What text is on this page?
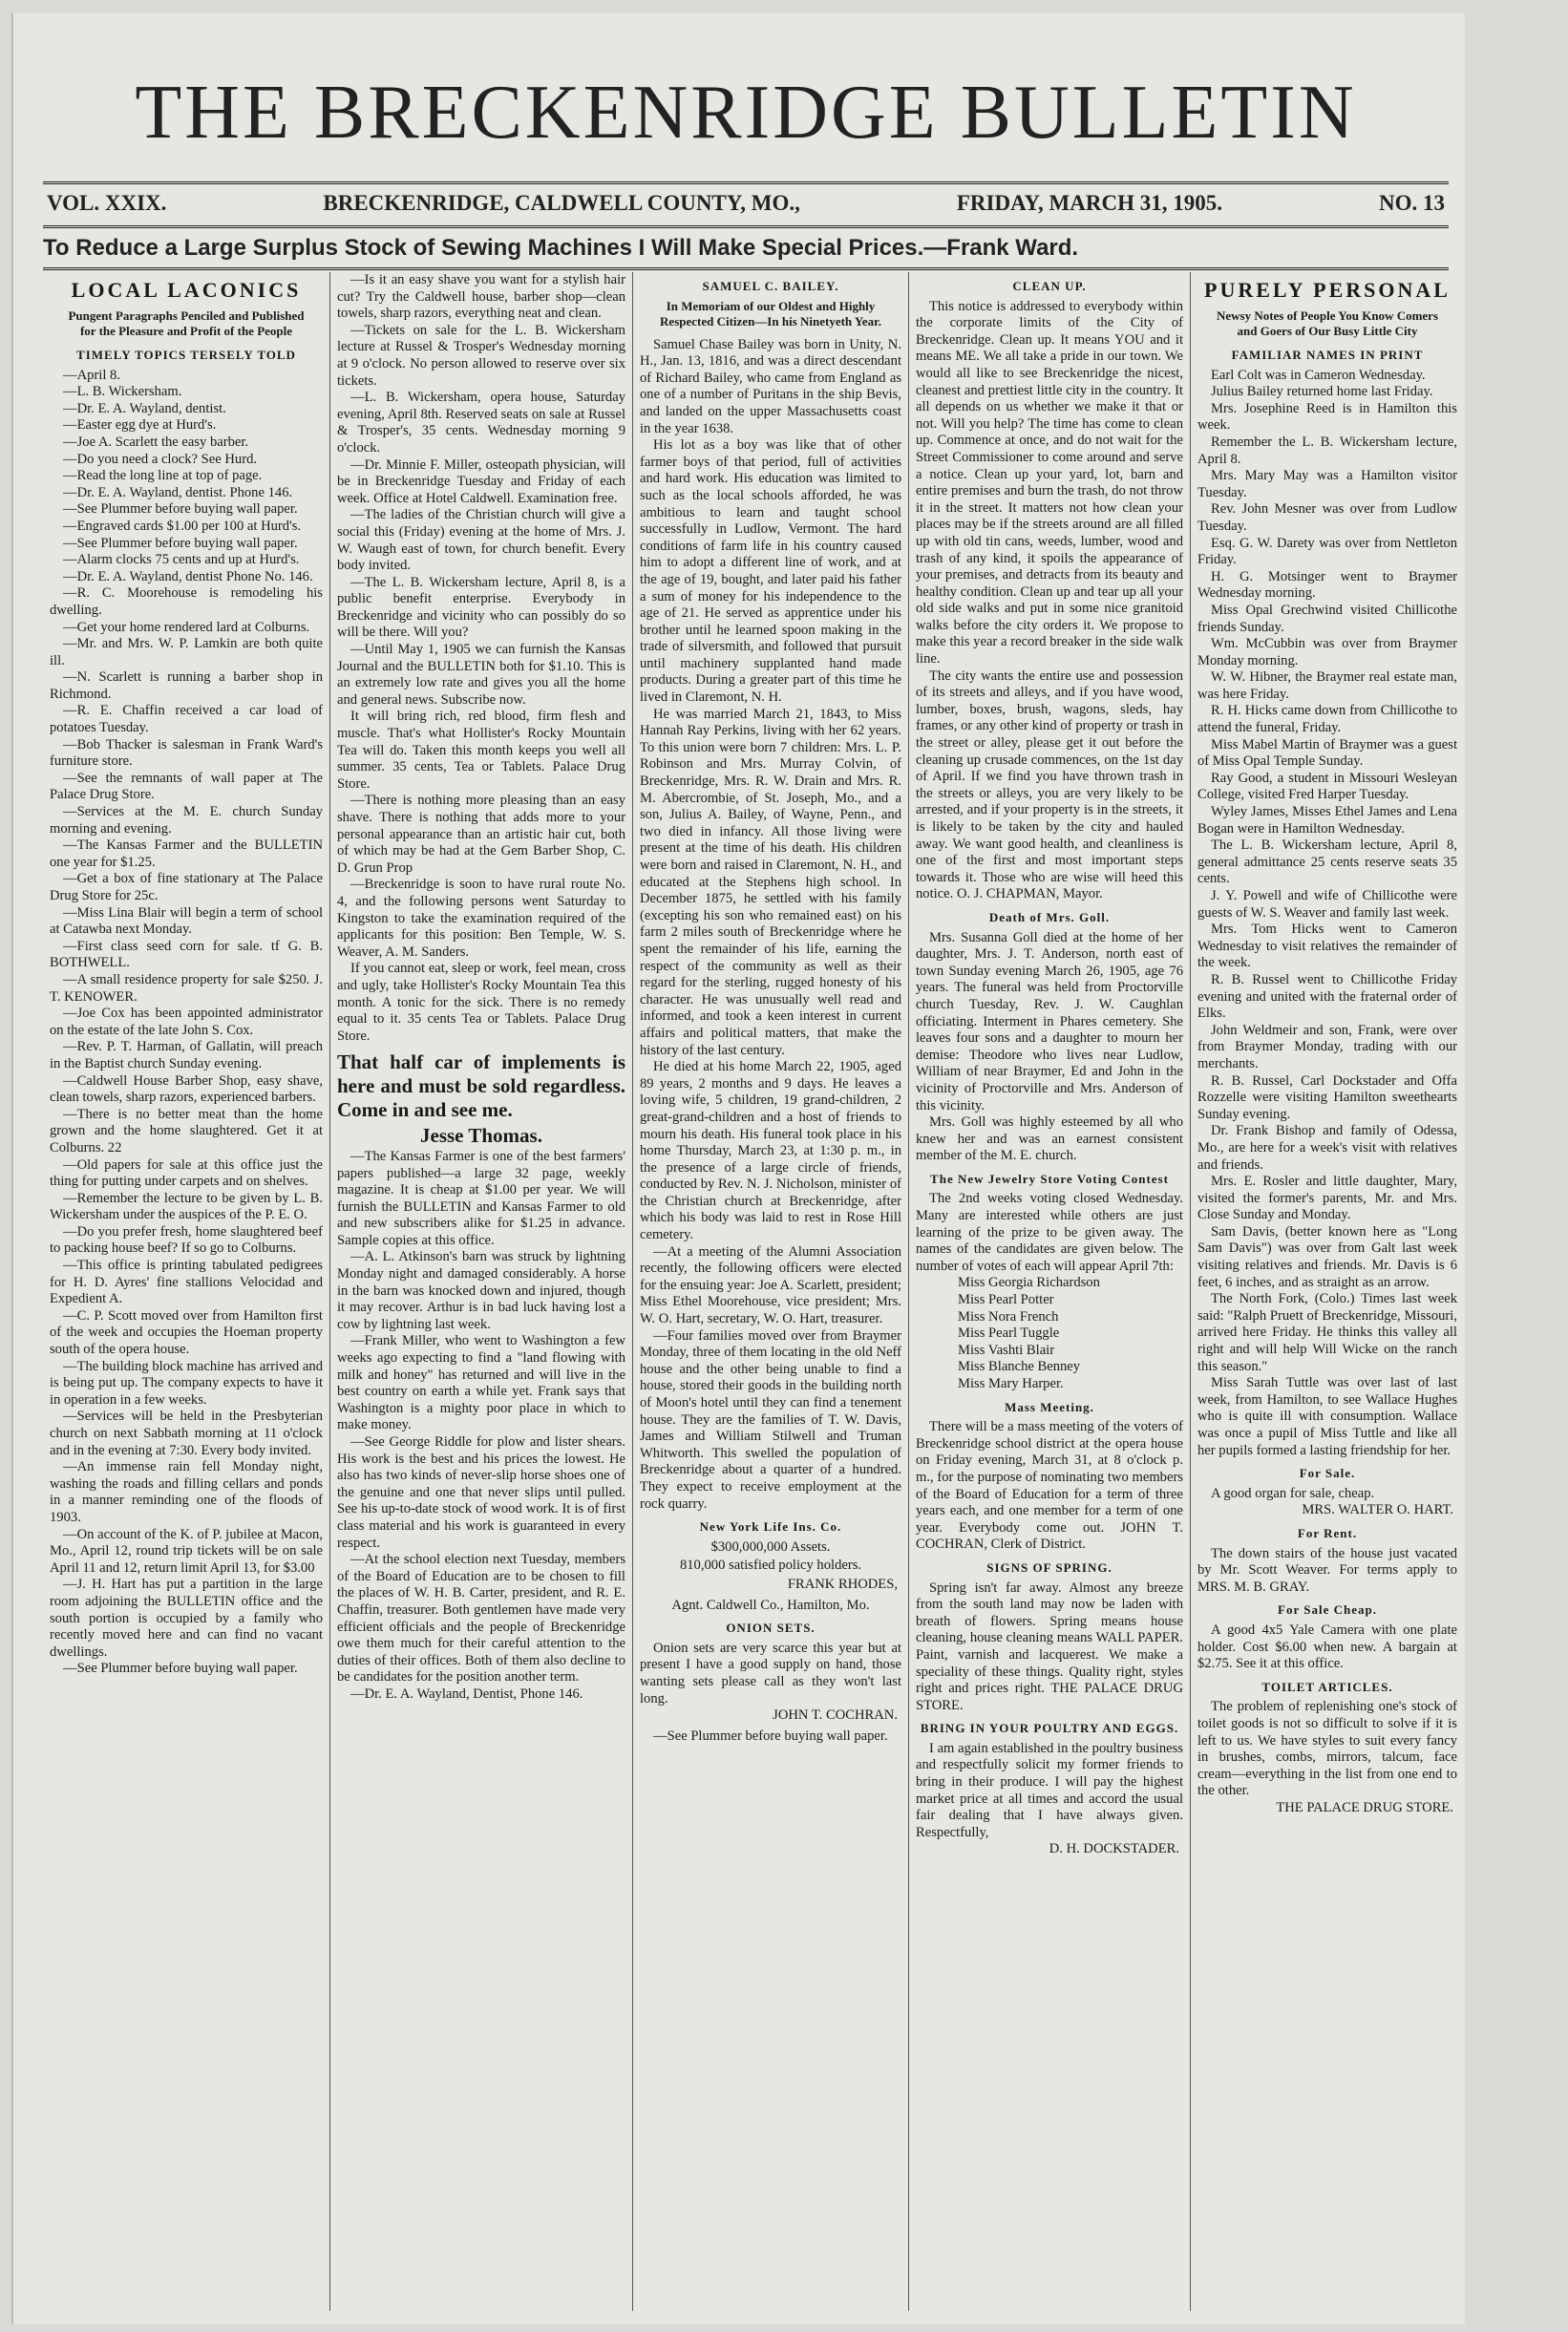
THE BRECKENRIDGE BULLETIN
VOL. XXIX.	BRECKENRIDGE, CALDWELL COUNTY, MO.,	FRIDAY, MARCH 31, 1905.	NO. 13
To Reduce a Large Surplus Stock of Sewing Machines I Will Make Special Prices.—Frank Ward.
LOCAL LACONICS
Pungent Paragraphs Penciled and Published for the Pleasure and Profit of the People
TIMELY TOPICS TERSELY TOLD
—April 8.
—L. B. Wickersham.
—Dr. E. A. Wayland, dentist.
—Easter egg dye at Hurd's.
—Joe A. Scarlett the easy barber.
—Do you need a clock? See Hurd.
—Read the long line at top of page.
—Dr. E. A. Wayland, dentist. Phone 146.
—See Plummer before buying wall paper.
—Engraved cards $1.00 per 100 at Hurd's.
—See Plummer before buying wall paper.
—Alarm clocks 75 cents and up at Hurd's.
—Dr. E. A. Wayland, dentist Phone No. 146.
—R. C. Moorehouse is remodeling his dwelling.
—Get your home rendered lard at Colburns.
—Mr. and Mrs. W. P. Lamkin are both quite ill.
—N. Scarlett is running a barber shop in Richmond.
—R. E. Chaffin received a car load of potatoes Tuesday.
—Bob Thacker is salesman in Frank Ward's furniture store.
—See the remnants of wall paper at The Palace Drug Store.
—Services at the M. E. church Sunday morning and evening.
—The Kansas Farmer and the BULLETIN one year for $1.25.
—Get a box of fine stationary at The Palace Drug Store for 25c.
—Miss Lina Blair will begin a term of school at Catawba next Monday.
—First class seed corn for sale. tf G. B. BOTHWELL.
—A small residence property for sale $250. J. T. KENOWER.
—Joe Cox has been appointed administrator on the estate of the late John S. Cox.
—Rev. P. T. Harman, of Gallatin, will preach in the Baptist church Sunday evening.
—Caldwell House Barber Shop, easy shave, clean towels, sharp razors, experienced barbers.
—There is no better meat than the home grown and the home slaughtered. Get it at Colburns. 22
—Old papers for sale at this office just the thing for putting under carpets and on shelves.
—Remember the lecture to be given by L. B. Wickersham under the auspices of the P. E. O.
—Do you prefer fresh, home slaughtered beef to packing house beef? If so go to Colburns.
—This office is printing tabulated pedigrees for H. D. Ayres' fine stallions Velocidad and Expedient A.
—C. P. Scott moved over from Hamilton first of the week and occupies the Hoeman property south of the opera house.
—The building block machine has arrived and is being put up. The company expects to have it in operation in a few weeks.
—Services will be held in the Presbyterian church on next Sabbath morning at 11 o'clock and in the evening at 7:30. Every body invited.
—An immense rain fell Monday night, washing the roads and filling cellars and ponds in a manner reminding one of the floods of 1903.
—On account of the K. of P. jubilee at Macon, Mo., April 12, round trip tickets will be on sale April 11 and 12, return limit April 13, for $3.00
—J. H. Hart has put a partition in the large room adjoining the BULLETIN office and the south portion is occupied by a family who recently moved here and can find no vacant dwellings.
—See Plummer before buying wall paper.
—Is it an easy shave you want for a stylish hair cut? Try the Caldwell house, barber shop—clean towels, sharp razors, everything neat and clean.
—Tickets on sale for the L. B. Wickersham lecture at Russel & Trosper's Wednesday morning at 9 o'clock. No person allowed to reserve over six tickets.
—L. B. Wickersham, opera house, Saturday evening, April 8th. Reserved seats on sale at Russel & Trosper's, 35 cents. Wednesday morning 9 o'clock.
—Dr. Minnie F. Miller, osteopath physician, will be in Breckenridge Tuesday and Friday of each week. Office at Hotel Caldwell. Examination free.
—The ladies of the Christian church will give a social this (Friday) evening at the home of Mrs. J. W. Waugh east of town, for church benefit. Every body invited.
—The L. B. Wickersham lecture, April 8, is a public benefit enterprise. Everybody in Breckenridge and vicinity who can possibly do so will be there. Will you?
—Until May 1, 1905 we can furnish the Kansas Journal and the BULLETIN both for $1.10. This is an extremely low rate and gives you all the home and general news. Subscribe now.
It will bring rich, red blood, firm flesh and muscle. That's what Hollister's Rocky Mountain Tea will do. Taken this month keeps you well all summer. 35 cents, Tea or Tablets. Palace Drug Store.
—There is nothing more pleasing than an easy shave. There is nothing that adds more to your personal appearance than an artistic hair cut, both of which may be had at the Gem Barber Shop, C. D. Grun Prop
—Breckenridge is soon to have rural route No. 4, and the following persons went Saturday to Kingston to take the examination required of the applicants for this position: Ben Temple, W. S. Weaver, A. M. Sanders.
If you cannot eat, sleep or work, feel mean, cross and ugly, take Hollister's Rocky Mountain Tea this month. A tonic for the sick. There is no remedy equal to it. 35 cents Tea or Tablets. Palace Drug Store.
That half car of implements is here and must be sold regardless. Come in and see me.
Jesse Thomas.
—The Kansas Farmer is one of the best farmers' papers published—a large 32 page, weekly magazine. It is cheap at $1.00 per year. We will furnish the BULLETIN and Kansas Farmer to old and new subscribers alike for $1.25 in advance. Sample copies at this office.
—A. L. Atkinson's barn was struck by lightning Monday night and damaged considerably. A horse in the barn was knocked down and injured, though it may recover. Arthur is in bad luck having lost a cow by lightning last week.
—Frank Miller, who went to Washington a few weeks ago expecting to find a "land flowing with milk and honey" has returned and will live in the best country on earth a while yet. Frank says that Washington is a mighty poor place in which to make money.
—See George Riddle for plow and lister shears. His work is the best and his prices the lowest. He also has two kinds of never-slip horse shoes one of the genuine and one that never slips until pulled. See his up-to-date stock of wood work. It is of first class material and his work is guaranteed in every respect.
—At the school election next Tuesday, members of the Board of Education are to be chosen to fill the places of W. H. B. Carter, president, and R. E. Chaffin, treasurer. Both gentlemen have made very efficient officials and the people of Breckenridge owe them much for their careful attention to the duties of their offices. Both of them also decline to be candidates for the position another term.
—Dr. E. A. Wayland, Dentist, Phone 146.
SAMUEL C. BAILEY.
In Memoriam of our Oldest and Highly Respected Citizen—In his Ninetyeth Year.
Samuel Chase Bailey was born in Unity, N. H., Jan. 13, 1816, and was a direct descendant of Richard Bailey, who came from England as one of a number of Puritans in the ship Bevis, and landed on the upper Massachusetts coast in the year 1638.
His lot as a boy was like that of other farmer boys of that period, full of activities and hard work. His education was limited to such as the local schools afforded, he was ambitious to learn and taught school successfully in Ludlow, Vermont. The hard conditions of farm life in his country caused him to adopt a different line of work, and at the age of 19, bought, and later paid his father a sum of money for his independence to the age of 21. He served as apprentice under his brother until he learned spoon making in the trade of silversmith, and followed that pursuit until machinery supplanted hand made products. During a greater part of this time he lived in Claremont, N. H.
He was married March 21, 1843, to Miss Hannah Ray Perkins, living with her 62 years. To this union were born 7 children: Mrs. L. P. Robinson and Mrs. Murray Colvin, of Breckenridge, Mrs. R. W. Drain and Mrs. R. M. Abercrombie, of St. Joseph, Mo., and a son, Julius A. Bailey, of Wayne, Penn., and two died in infancy. All those living were present at the time of his death. His children were born and raised in Claremont, N. H., and educated at the Stephens high school. In December 1875, he settled with his family (excepting his son who remained east) on his farm 2 miles south of Breckenridge where he spent the remainder of his life, earning the respect of the community as well as their regard for the sterling, rugged honesty of his character. He was unusually well read and informed, and took a keen interest in current affairs and political matters, that make the history of the last century.
He died at his home March 22, 1905, aged 89 years, 2 months and 9 days. He leaves a loving wife, 5 children, 19 grand-children, 2 great-grand-children and a host of friends to mourn his death. His funeral took place in his home Thursday, March 23, at 1:30 p. m., in the presence of a large circle of friends, conducted by Rev. N. J. Nicholson, minister of the Christian church at Breckenridge, after which his body was laid to rest in Rose Hill cemetery.
—At a meeting of the Alumni Association recently, the following officers were elected for the ensuing year: Joe A. Scarlett, president; Miss Ethel Moorehouse, vice president; Mrs. W. O. Hart, secretary, W. O. Hart, treasurer.
—Four families moved over from Braymer Monday, three of them locating in the old Neff house and the other being unable to find a house, stored their goods in the building north of Moon's hotel until they can find a tenement house. They are the families of T. W. Davis, James and William Stilwell and Truman Whitworth. This swelled the population of Breckenridge about a quarter of a hundred. They expect to receive employment at the rock quarry.
New York Life Ins. Co.
$300,000,000 Assets.
810,000 satisfied policy holders.
FRANK RHODES,
Agnt. Caldwell Co., Hamilton, Mo.
ONION SETS.
Onion sets are very scarce this year but at present I have a good supply on hand, those wanting sets please call as they won't last long.
JOHN T. COCHRAN.
—See Plummer before buying wall paper.
CLEAN UP.
This notice is addressed to everybody within the corporate limits of the City of Breckenridge. Clean up. It means YOU and it means ME. We all take a pride in our town. We would all like to see Breckenridge the nicest, cleanest and prettiest little city in the country. It all depends on us whether we make it that or not. Will you help? The time has come to clean up. Commence at once, and do not wait for the Street Commissioner to come around and serve a notice. Clean up your yard, lot, barn and entire premises and burn the trash, do not throw it in the street. It matters not how clean your places may be if the streets around are all filled up with old tin cans, weeds, lumber, wood and trash of any kind, it spoils the appearance of your premises, and detracts from its beauty and healthy condition. Clean up and tear up all your old side walks and put in some nice granitoid walks before the city orders it. We propose to make this year a record breaker in the side walk line.
The city wants the entire use and possession of its streets and alleys, and if you have wood, lumber, boxes, brush, wagons, sleds, hay frames, or any other kind of property or trash in the street or alley, please get it out before the cleaning up crusade commences, on the 1st day of April. If we find you have thrown trash in the streets or alleys, you are very likely to be arrested, and if your property is in the streets, it is likely to be taken by the city and hauled away. We want good health, and cleanliness is one of the first and most important steps towards it. Those who are wise will heed this notice. O. J. CHAPMAN, Mayor.
Death of Mrs. Goll.
Mrs. Susanna Goll died at the home of her daughter, Mrs. J. T. Anderson, north east of town Sunday evening March 26, 1905, age 76 years. The funeral was held from Proctorville church Tuesday, Rev. J. W. Caughlan officiating. Interment in Phares cemetery. She leaves four sons and a daughter to mourn her demise: Theodore who lives near Ludlow, William of near Braymer, Ed and John in the vicinity of Proctorville and Mrs. Anderson of this vicinity.
Mrs. Goll was highly esteemed by all who knew her and was an earnest consistent member of the M. E. church.
The New Jewelry Store Voting Contest
The 2nd weeks voting closed Wednesday. Many are interested while others are just learning of the prize to be given away. The names of the candidates are given below. The number of votes of each will appear April 7th:
Miss Georgia Richardson
Miss Pearl Potter
Miss Nora French
Miss Pearl Tuggle
Miss Vashti Blair
Miss Blanche Benney
Miss Mary Harper.
Mass Meeting.
There will be a mass meeting of the voters of Breckenridge school district at the opera house on Friday evening, March 31, at 8 o'clock p. m., for the purpose of nominating two members of the Board of Education for a term of three years each, and one member for a term of one year. Everybody come out. JOHN T. COCHRAN, Clerk of District.
SIGNS OF SPRING.
Spring isn't far away. Almost any breeze from the south land may now be laden with breath of flowers. Spring means house cleaning, house cleaning means WALL PAPER. Paint, varnish and lacquerest. We make a speciality of these things. Quality right, styles right and prices right. THE PALACE DRUG STORE.
BRING IN YOUR POULTRY AND EGGS.
I am again established in the poultry business and respectfully solicit my former friends to bring in their produce. I will pay the highest market price at all times and accord the usual fair dealing that I have always given. Respectfully,
D. H. DOCKSTADER.
PURELY PERSONAL
Newsy Notes of People You Know Comers and Goers of Our Busy Little City
FAMILIAR NAMES IN PRINT
Earl Colt was in Cameron Wednesday.
Julius Bailey returned home last Friday.
Mrs. Josephine Reed is in Hamilton this week.
Remember the L. B. Wickersham lecture, April 8.
Mrs. Mary May was a Hamilton visitor Tuesday.
Rev. John Mesner was over from Ludlow Tuesday.
Esq. G. W. Darety was over from Nettleton Friday.
H. G. Motsinger went to Braymer Wednesday morning.
Miss Opal Grechwind visited Chillicothe friends Sunday.
Wm. McCubbin was over from Braymer Monday morning.
W. W. Hibner, the Braymer real estate man, was here Friday.
R. H. Hicks came down from Chillicothe to attend the funeral, Friday.
Miss Mabel Martin of Braymer was a guest of Miss Opal Temple Sunday.
Ray Good, a student in Missouri Wesleyan College, visited Fred Harper Tuesday.
Wyley James, Misses Ethel James and Lena Bogan were in Hamilton Wednesday.
The L. B. Wickersham lecture, April 8, general admittance 25 cents reserve seats 35 cents.
J. Y. Powell and wife of Chillicothe were guests of W. S. Weaver and family last week.
Mrs. Tom Hicks went to Cameron Wednesday to visit relatives the remainder of the week.
R. B. Russel went to Chillicothe Friday evening and united with the fraternal order of Elks.
John Weldmeir and son, Frank, were over from Braymer Monday, trading with our merchants.
R. B. Russel, Carl Dockstader and Offa Rozzelle were visiting Hamilton sweethearts Sunday evening.
Dr. Frank Bishop and family of Odessa, Mo., are here for a week's visit with relatives and friends.
Mrs. E. Rosler and little daughter, Mary, visited the former's parents, Mr. and Mrs. Close Sunday and Monday.
Sam Davis, (better known here as "Long Sam Davis") was over from Galt last week visiting relatives and friends. Mr. Davis is 6 feet, 6 inches, and as straight as an arrow.
The North Fork, (Colo.) Times last week said: "Ralph Pruett of Breckenridge, Missouri, arrived here Friday. He thinks this valley all right and will help Will Wicke on the ranch this season."
Miss Sarah Tuttle was over last of last week, from Hamilton, to see Wallace Hughes who is quite ill with consumption. Wallace was once a pupil of Miss Tuttle and like all her pupils formed a lasting friendship for her.
For Sale.
A good organ for sale, cheap.
MRS. WALTER O. HART.
For Rent.
The down stairs of the house just vacated by Mr. Scott Weaver. For terms apply to MRS. M. B. GRAY.
For Sale Cheap.
A good 4x5 Yale Camera with one plate holder. Cost $6.00 when new. A bargain at $2.75. See it at this office.
TOILET ARTICLES.
The problem of replenishing one's stock of toilet goods is not so difficult to solve if it is left to us. We have styles to suit every fancy in brushes, combs, mirrors, talcum, face cream—everything in the list from one end to the other.
THE PALACE DRUG STORE.
